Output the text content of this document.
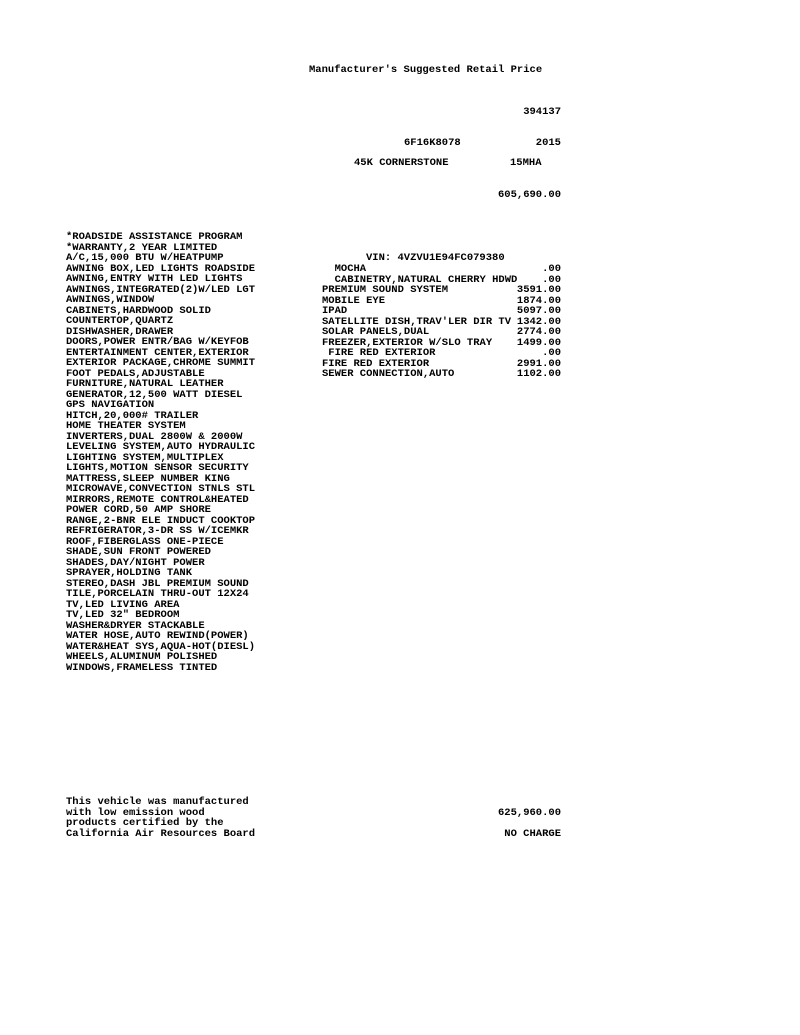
Manufacturer's Suggested Retail Price
394137
6F16K8078	2015
45K CORNERSTONE	15MHA
605,690.00
*ROADSIDE ASSISTANCE PROGRAM
*WARRANTY,2 YEAR LIMITED
A/C,15,000 BTU W/HEATPUMP
AWNING BOX,LED LIGHTS ROADSIDE
AWNING,ENTRY WITH LED LIGHTS
AWNINGS,INTEGRATED(2)W/LED LGT
AWNINGS,WINDOW
CABINETS,HARDWOOD SOLID
COUNTERTOP,QUARTZ
DISHWASHER,DRAWER
DOORS,POWER ENTR/BAG W/KEYFOB
ENTERTAINMENT CENTER,EXTERIOR
EXTERIOR PACKAGE,CHROME SUMMIT
FOOT PEDALS,ADJUSTABLE
FURNITURE,NATURAL LEATHER
GENERATOR,12,500 WATT DIESEL
GPS NAVIGATION
HITCH,20,000# TRAILER
HOME THEATER SYSTEM
INVERTERS,DUAL 2800W & 2000W
LEVELING SYSTEM,AUTO HYDRAULIC
LIGHTING SYSTEM,MULTIPLEX
LIGHTS,MOTION SENSOR SECURITY
MATTRESS,SLEEP NUMBER KING
MICROWAVE,CONVECTION STNLS STL
MIRRORS,REMOTE CONTROL&HEATED
POWER CORD,50 AMP SHORE
RANGE,2-BNR ELE INDUCT COOKTOP
REFRIGERATOR,3-DR SS W/ICEMKR
ROOF,FIBERGLASS ONE-PIECE
SHADE,SUN FRONT POWERED
SHADES,DAY/NIGHT POWER
SPRAYER,HOLDING TANK
STEREO,DASH JBL PREMIUM SOUND
TILE,PORCELAIN THRU-OUT 12X24
TV,LED LIVING AREA
TV,LED 32" BEDROOM
WASHER&DRYER STACKABLE
WATER HOSE,AUTO REWIND(POWER)
WATER&HEAT SYS,AQUA-HOT(DIESL)
WHEELS,ALUMINUM POLISHED
WINDOWS,FRAMELESS TINTED
VIN: 4VZVU1E94FC079380
MOCHA	.00
CABINETRY,NATURAL CHERRY HDWD .00
PREMIUM SOUND SYSTEM	3591.00
MOBILE EYE	1874.00
IPAD	5097.00
SATELLITE DISH,TRAV'LER DIR TV 1342.00
SOLAR PANELS,DUAL	2774.00
FREEZER,EXTERIOR W/SLO TRAY 1499.00
FIRE RED EXTERIOR	.00
FIRE RED EXTERIOR	2991.00
SEWER CONNECTION,AUTO	1102.00
This vehicle was manufactured
with low emission wood
products certified by the
California Air Resources Board
625,960.00
NO CHARGE
